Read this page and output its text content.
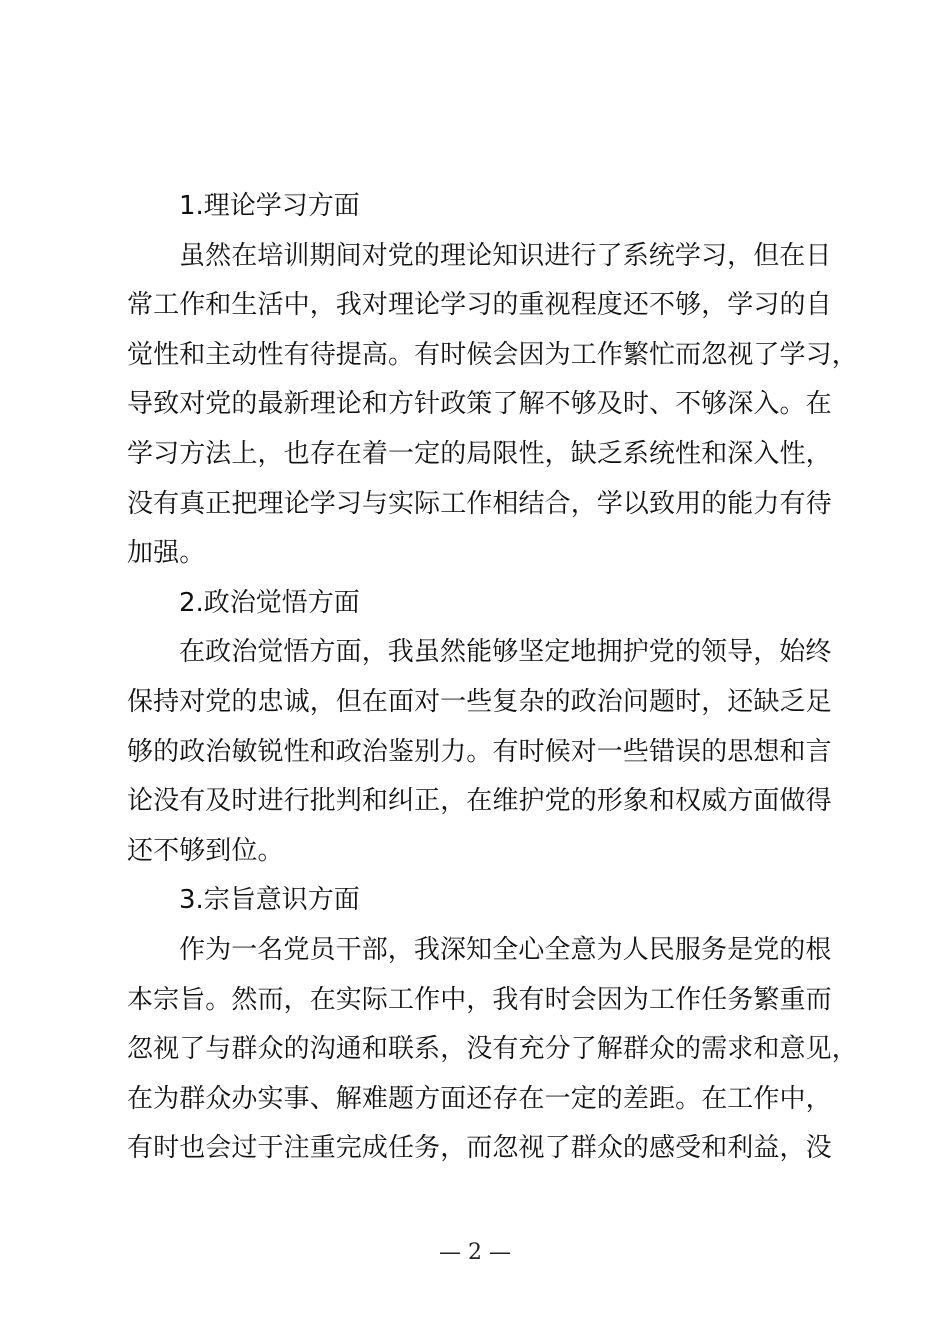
1.理论学习方面

虽然在培训期间对党的理论知识进行了系统学习，但在日
常工作和生活中，我对理论学习的重视程度还不够，学习的自
觉性和主动性有待提高。有时候会因为工作繁忙而忽视了学习，
导致对党的最新理论和方针政策了解不够及时、不够深入。在
学习方法上，也存在着一定的局限性，缺乏系统性和深入性，
没有真正把理论学习与实际工作相结合，学以致用的能力有待
加强。

2.政治觉悟方面

在政治觉悟方面，我虽然能够坚定地拥护党的领导，始终
保持对党的忠诚，但在面对一些复杂的政治问题时，还缺乏足
够的政治敏锐性和政治鉴别力。有时候对一些错误的思想和言
论没有及时进行批判和纠正，在维护党的形象和权威方面做得
还不够到位。

3.宗旨意识方面

作为一名党员干部，我深知全心全意为人民服务是党的根
本宗旨。然而，在实际工作中，我有时会因为工作任务繁重而
忽视了与群众的沟通和联系，没有充分了解群众的需求和意见，
在为群众办实事、解难题方面还存在一定的差距。在工作中，
有时也会过于注重完成任务，而忽视了群众的感受和利益，没

— 2 —
